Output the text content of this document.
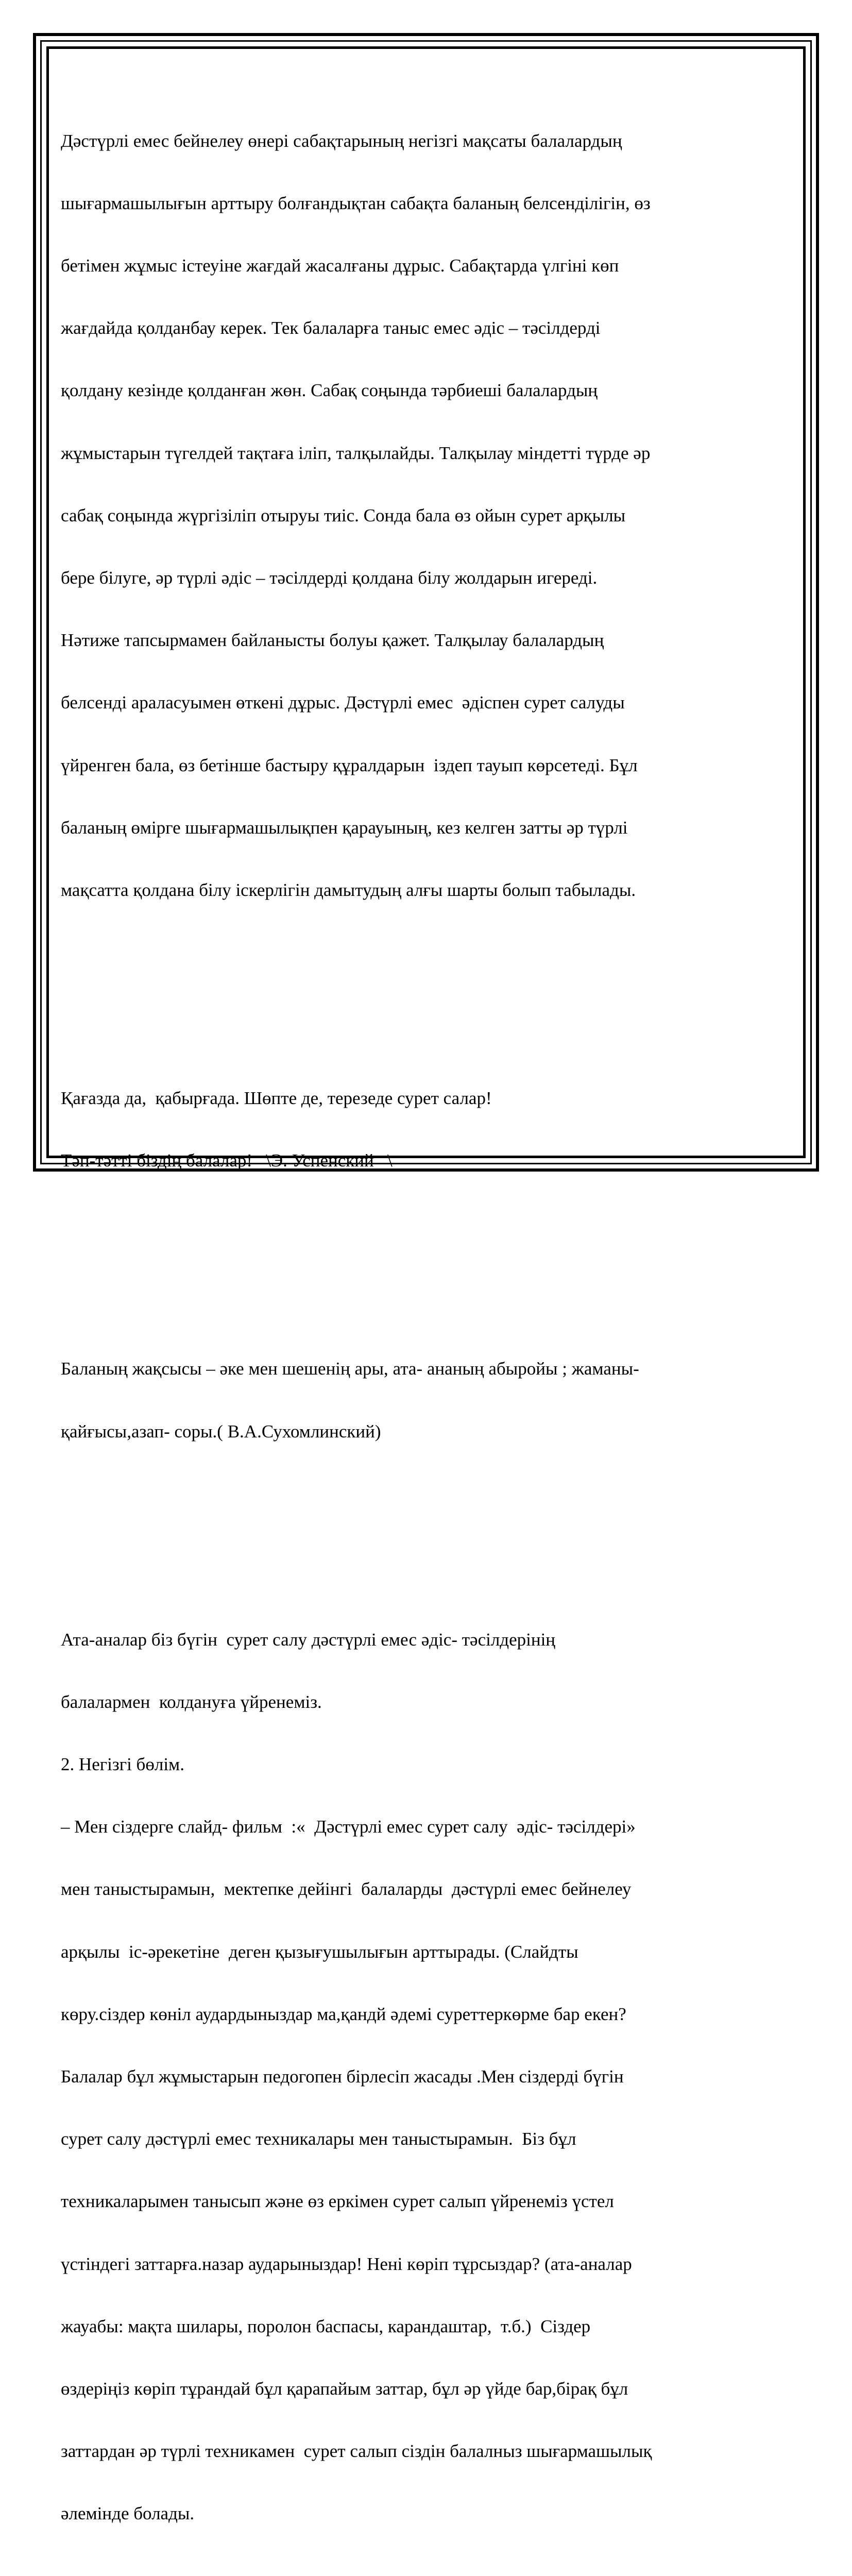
Дәстүрлі емес бейнелеу өнері сабақтарының негізгі мақсаты балалардың

шығармашылығын арттыру болғандықтан сабақта баланың белсенділігін, өз

бетімен жұмыс істеуіне жағдай жасалғаны дұрыс. Сабақтарда үлгіні көп

жағдайда қолданбау керек. Тек балаларға таныс емес әдіс – тәсілдерді

қолдану кезінде қолданған жөн. Сабақ соңында тәрбиеші балалардың

жұмыстарын түгелдей тақтаға іліп, талқылайды. Талқылау міндетті түрде әр

сабақ соңында жүргізіліп отыруы тиіс. Сонда бала өз ойын сурет арқылы

бере білуге, әр түрлі әдіс – тәсілдерді қолдана білу жолдарын игереді.

Нәтиже тапсырмамен байланысты болуы қажет. Талқылау балалардың

белсенді араласуымен өткені дұрыс. Дәстүрлі емес  әдіспен сурет салуды

үйренген бала, өз бетінше бастыру құралдарын  іздеп тауып көрсетеді. Бұл

баланың өмірге шығармашылықпен қарауының, кез келген затты әр түрлі

мақсатта қолдана білу іскерлігін дамытудың алғы шарты болып табылады.

Қағазда да,  қабырғада. Шөпте де, терезеде сурет салар!

Тәп-тәтті біздің балалар!   \Э. Успенский   \

Баланың жақсысы – әке мен шешенің ары, ата- ананың абыройы ; жаманы-

қайғысы,азап- соры.( В.А.Сухомлинский)

Ата-аналар біз бүгін  сурет салу дәстүрлі емес әдіс- тәсілдерінің

балалармен  колдануға үйренеміз.

2. Негізгі бөлім.

– Мен сіздерге слайд- фильм  :«  Дәстүрлі емес сурет салу  әдіс- тәсілдері»

мен таныстырамын,  мектепке дейінгі  балаларды  дәстүрлі емес бейнелеу

арқылы  іс-әрекетіне  деген қызығушылығын арттырады. (Слайдты

көру.сіздер көніл аудардыныздар ма,қандй әдемі суреттеркөрме бар екен?

Балалар бұл жұмыстарын педогопен бірлесіп жасады .Мен сіздерді бүгін

сурет салу дәстүрлі емес техникалары мен таныстырамын.  Біз бұл

техникаларымен танысып және өз еркімен сурет салып үйренеміз үстел

үстіндегі заттарға.назар аударыныздар! Нені көріп тұрсыздар? (ата-аналар

жауабы: мақта шилары, поролон баспасы, карандаштар,  т.б.)  Сіздер

өздеріңіз көріп тұрандай бұл қарапайым заттар, бұл әр үйде бар,бірақ бұл

заттардан әр түрлі техникамен  сурет салып сіздін балалныз шығармашылық

әлемінде болады.
